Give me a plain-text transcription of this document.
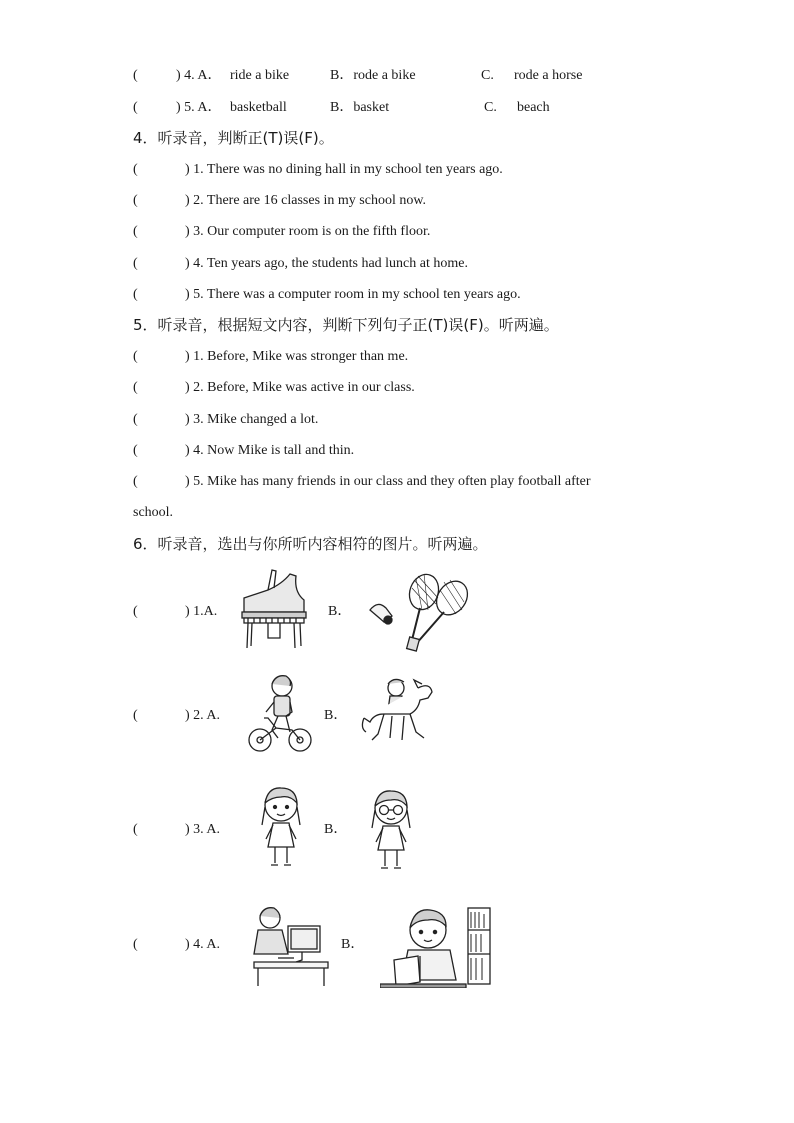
(	) 4. A． ride a bike	B．rode a bike	C. rode a horse
(	) 5. A． basketball	B．basket	C. beach
4．听录音，判断正(T)误(F)。
(	) 1. There was no dining hall in my school ten years ago.
(	) 2. There are 16 classes in my school now.
(	) 3. Our computer room is on the fifth floor.
(	) 4. Ten years ago, the students had lunch at home.
(	) 5. There was a computer room in my school ten years ago.
5．听录音，根据短文内容，判断下列句子正(T)误(F)。听两遍。
(	) 1. Before, Mike was stronger than me.
(	) 2. Before, Mike was active in our class.
(	) 3. Mike changed a lot.
(	) 4. Now Mike is tall and thin.
(	) 5. Mike has many friends in our class and they often play football after
school.
6．听录音，选出与你所听内容相符的图片。听两遍。
(	) 1.A.	B．
(	) 2. A.	B．
(	) 3. A.	B．
(	) 4. A.	B．
